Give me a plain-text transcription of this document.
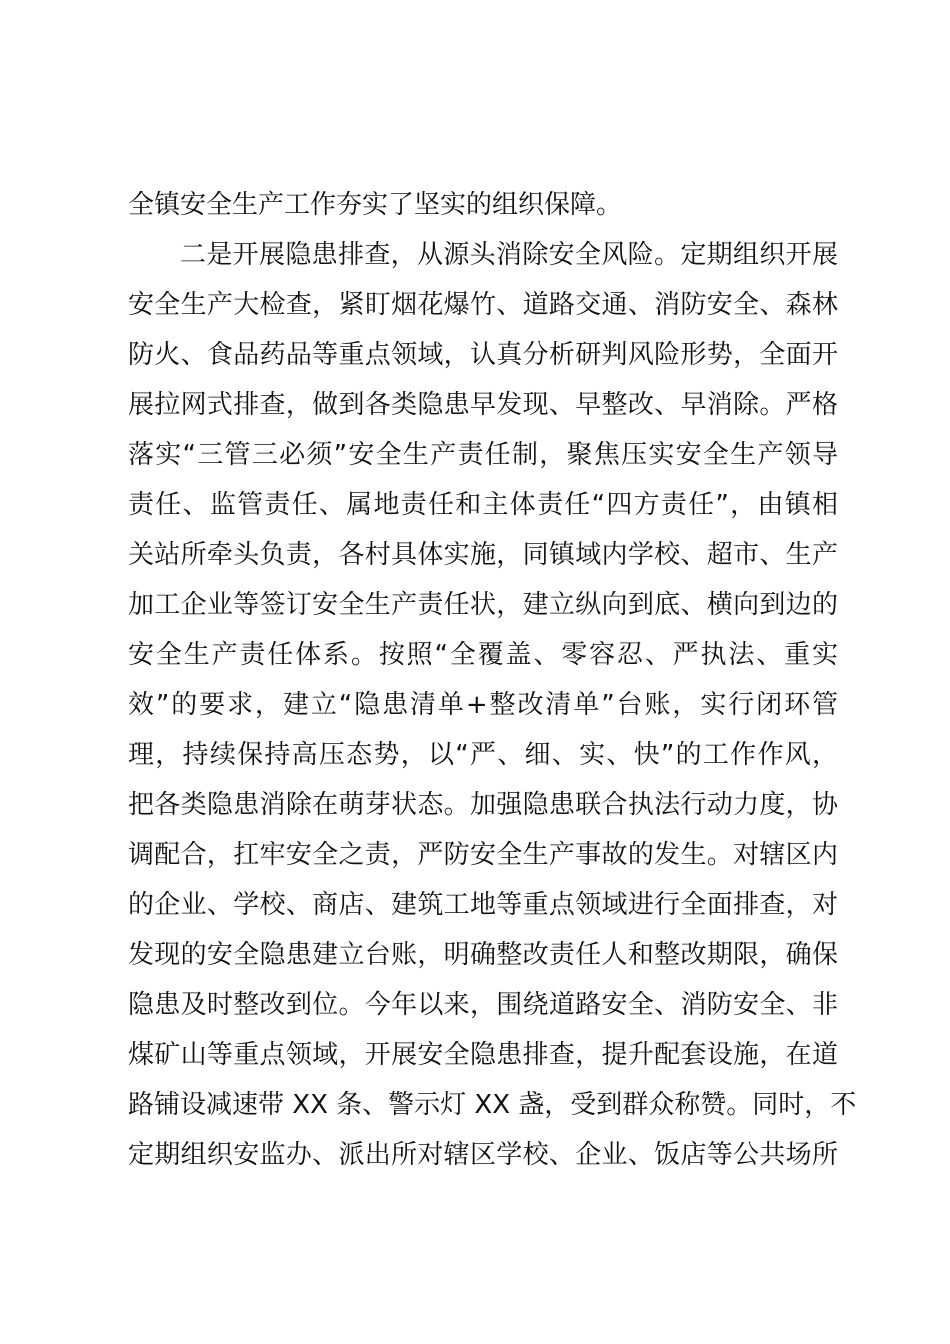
全镇安全生产工作夯实了坚实的组织保障。
二是开展隐患排查，从源头消除安全风险。定期组织开展
安全生产大检查，紧盯烟花爆竹、道路交通、消防安全、森林
防火、食品药品等重点领域，认真分析研判风险形势，全面开
展拉网式排查，做到各类隐患早发现、早整改、早消除。严格
落实“三管三必须”安全生产责任制，聚焦压实安全生产领导
责任、监管责任、属地责任和主体责任“四方责任”，由镇相
关站所牵头负责，各村具体实施，同镇域内学校、超市、生产
加工企业等签订安全生产责任状，建立纵向到底、横向到边的
安全生产责任体系。按照“全覆盖、零容忍、严执法、重实
效”的要求，建立“隐患清单+整改清单”台账，实行闭环管
理，持续保持高压态势，以“严、细、实、快”的工作作风，
把各类隐患消除在萌芽状态。加强隐患联合执法行动力度，协
调配合，扛牢安全之责，严防安全生产事故的发生。对辖区内
的企业、学校、商店、建筑工地等重点领域进行全面排查，对
发现的安全隐患建立台账，明确整改责任人和整改期限，确保
隐患及时整改到位。今年以来，围绕道路安全、消防安全、非
煤矿山等重点领域，开展安全隐患排查，提升配套设施，在道
路铺设减速带 XX 条、警示灯 XX 盏，受到群众称赞。同时，不
定期组织安监办、派出所对辖区学校、企业、饭店等公共场所
